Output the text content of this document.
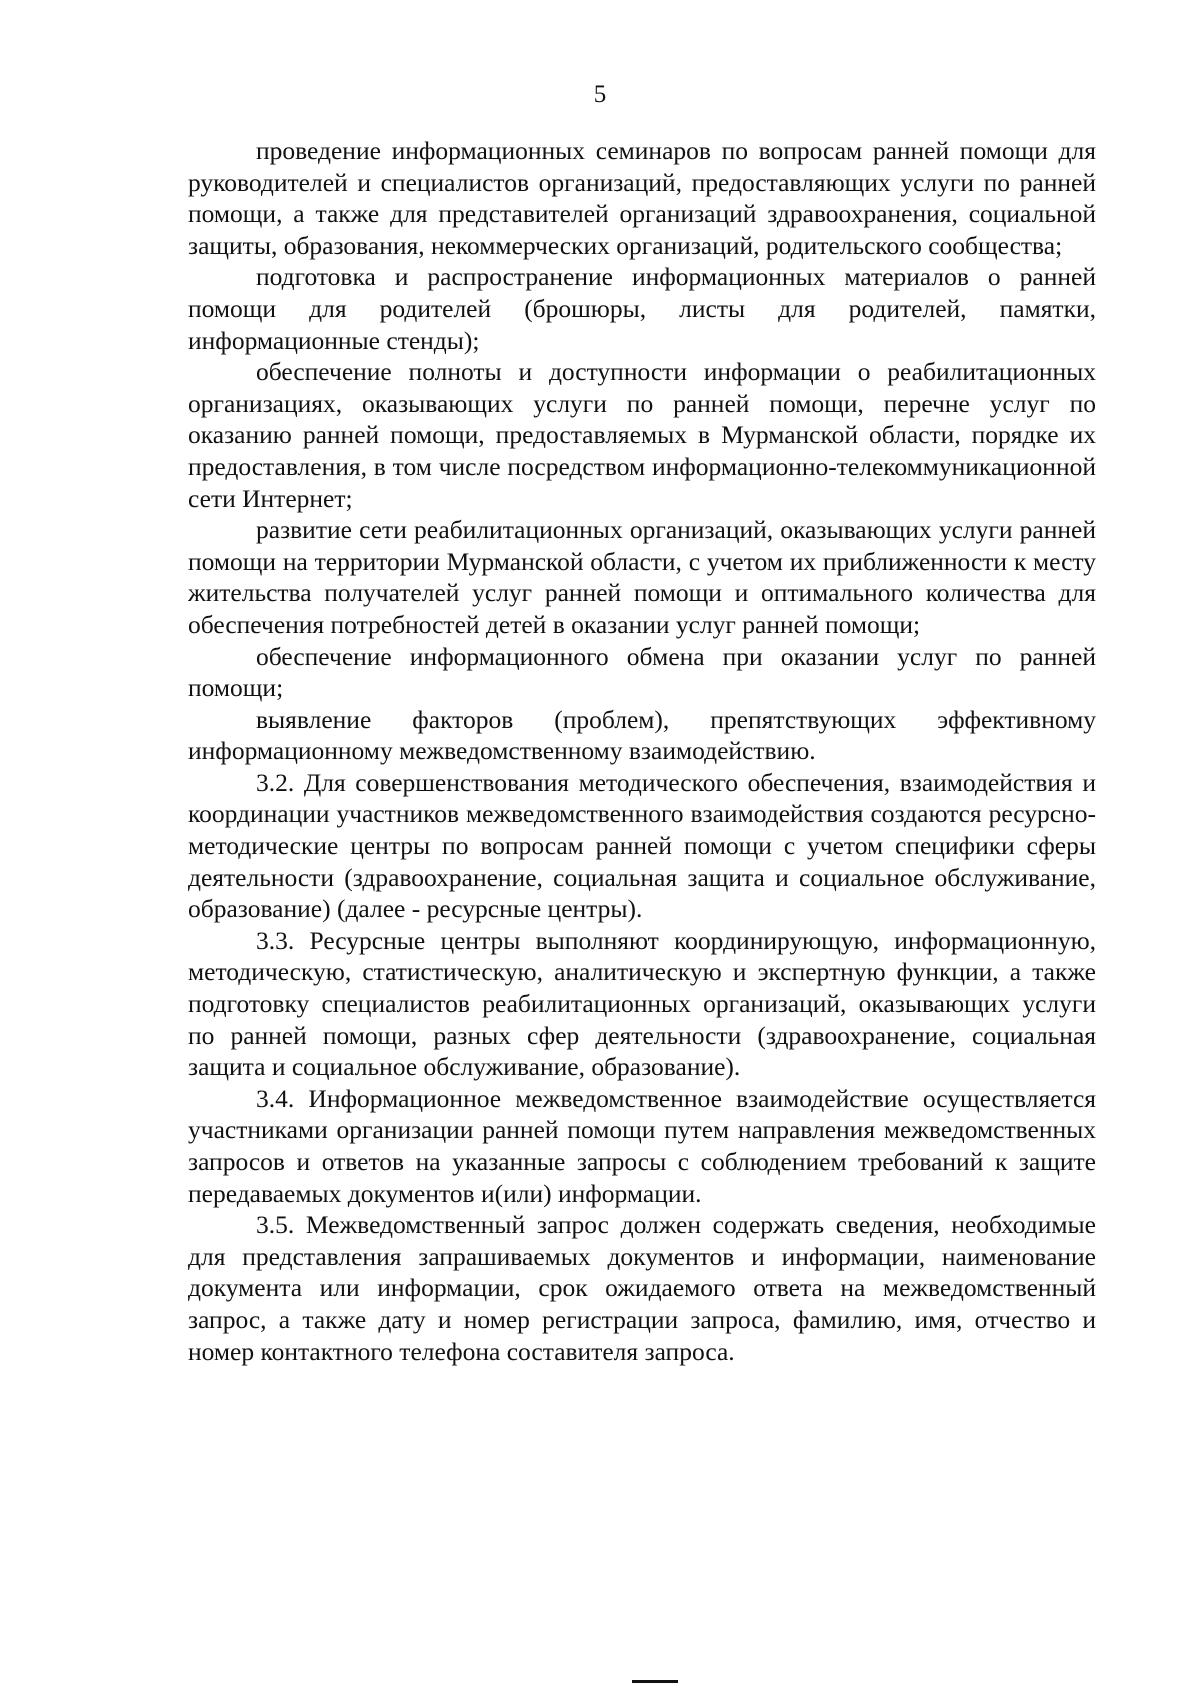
5

проведение информационных семинаров по вопросам ранней помощи для руководителей и специалистов организаций, предоставляющих услуги по ранней помощи, а также для представителей организаций здравоохранения, социальной защиты, образования, некоммерческих организаций, родительского сообщества;

подготовка и распространение информационных материалов о ранней помощи для родителей (брошюры, листы для родителей, памятки, информационные стенды);

обеспечение полноты и доступности информации о реабилитационных организациях, оказывающих услуги по ранней помощи, перечне услуг по оказанию ранней помощи, предоставляемых в Мурманской области, порядке их предоставления, в том числе посредством информационно-телекоммуникационной сети Интернет;

развитие сети реабилитационных организаций, оказывающих услуги ранней помощи на территории Мурманской области, с учетом их приближенности к месту жительства получателей услуг ранней помощи и оптимального количества для обеспечения потребностей детей в оказании услуг ранней помощи;

обеспечение информационного обмена при оказании услуг по ранней помощи;

выявление факторов (проблем), препятствующих эффективному информационному межведомственному взаимодействию.

3.2. Для совершенствования методического обеспечения, взаимодействия и координации участников межведомственного взаимодействия создаются ресурсно-методические центры по вопросам ранней помощи с учетом специфики сферы деятельности (здравоохранение, социальная защита и социальное обслуживание, образование) (далее - ресурсные центры).

3.3. Ресурсные центры выполняют координирующую, информационную, методическую, статистическую, аналитическую и экспертную функции, а также подготовку специалистов реабилитационных организаций, оказывающих услуги по ранней помощи, разных сфер деятельности (здравоохранение, социальная защита и социальное обслуживание, образование).

3.4. Информационное межведомственное взаимодействие осуществляется участниками организации ранней помощи путем направления межведомственных запросов и ответов на указанные запросы с соблюдением требований к защите передаваемых документов и(или) информации.

3.5. Межведомственный запрос должен содержать сведения, необходимые для представления запрашиваемых документов и информации, наименование документа или информации, срок ожидаемого ответа на межведомственный запрос, а также дату и номер регистрации запроса, фамилию, имя, отчество и номер контактного телефона составителя запроса.
